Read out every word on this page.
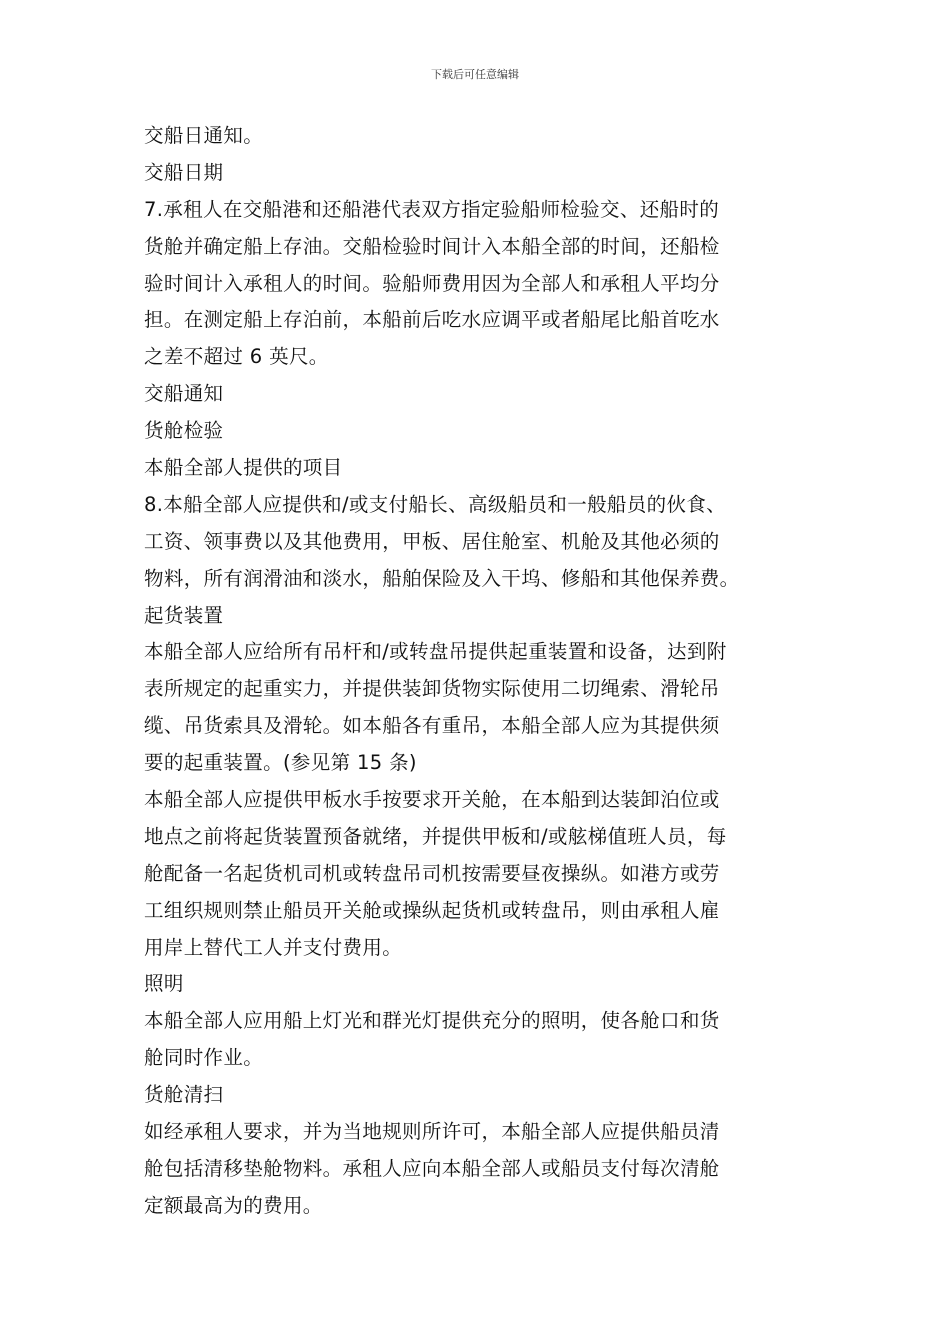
下载后可任意编辑
交船日通知。
交船日期
7.承租人在交船港和还船港代表双方指定验船师检验交、还船时的
货舱并确定船上存油。交船检验时间计入本船全部的时间，还船检
验时间计入承租人的时间。验船师费用因为全部人和承租人平均分
担。在测定船上存泊前，本船前后吃水应调平或者船尾比船首吃水
之差不超过 6 英尺。
交船通知
货舱检验
本船全部人提供的项目
8.本船全部人应提供和/或支付船长、高级船员和一般船员的伙食、
工资、领事费以及其他费用，甲板、居住舱室、机舱及其他必须的
物料，所有润滑油和淡水，船舶保险及入干坞、修船和其他保养费。
起货装置
本船全部人应给所有吊杆和/或转盘吊提供起重装置和设备，达到附
表所规定的起重实力，并提供装卸货物实际使用二切绳索、滑轮吊
缆、吊货索具及滑轮。如本船各有重吊，本船全部人应为其提供须
要的起重装置。(参见第 15 条)
本船全部人应提供甲板水手按要求开关舱，在本船到达装卸泊位或
地点之前将起货装置预备就绪，并提供甲板和/或舷梯值班人员，每
舱配备一名起货机司机或转盘吊司机按需要昼夜操纵。如港方或劳
工组织规则禁止船员开关舱或操纵起货机或转盘吊，则由承租人雇
用岸上替代工人并支付费用。
照明
本船全部人应用船上灯光和群光灯提供充分的照明，使各舱口和货
舱同时作业。
货舱清扫
如经承租人要求，并为当地规则所许可，本船全部人应提供船员清
舱包括清移垫舱物料。承租人应向本船全部人或船员支付每次清舱
定额最高为的费用。
